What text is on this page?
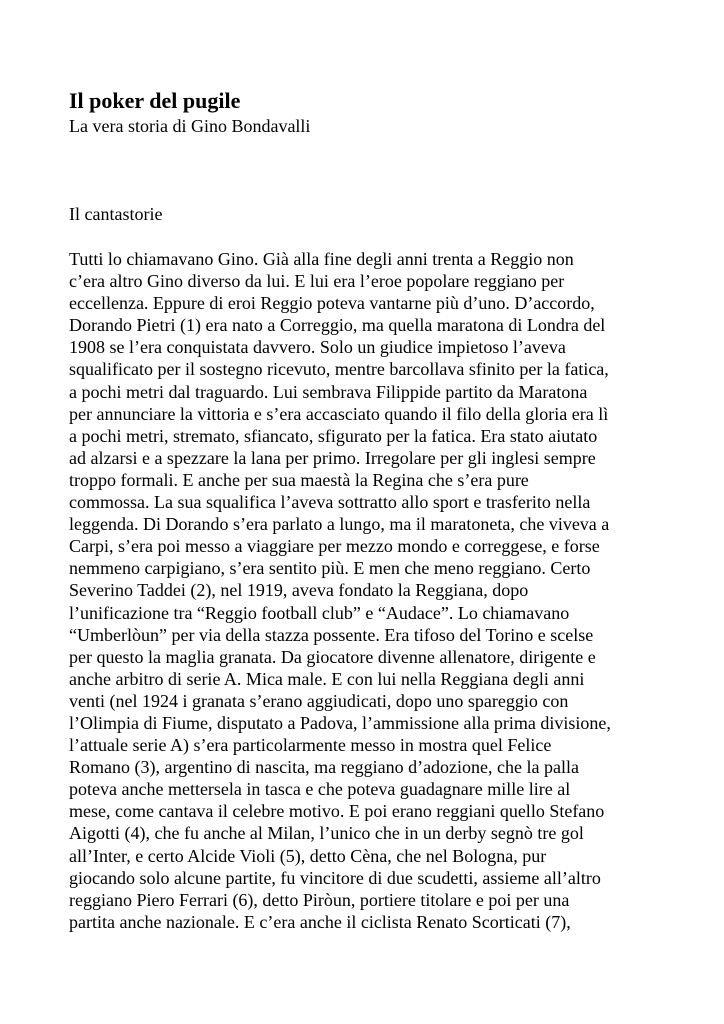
Il poker del pugile

La vera storia di Gino Bondavalli

Il cantastorie

Tutti lo chiamavano Gino. Già alla fine degli anni trenta a Reggio non
c’era altro Gino diverso da lui. E lui era l’eroe popolare reggiano per
eccellenza. Eppure di eroi Reggio poteva vantarne più d’uno. D’accordo,
Dorando Pietri (1) era nato a Correggio, ma quella maratona di Londra del
1908 se l’era conquistata davvero. Solo un giudice impietoso l’aveva
squalificato per il sostegno ricevuto, mentre barcollava sfinito per la fatica,
a pochi metri dal traguardo. Lui sembrava Filippide partito da Maratona
per annunciare la vittoria e s’era accasciato quando il filo della gloria era lì
a pochi metri, stremato, sfiancato, sfigurato per la fatica. Era stato aiutato
ad alzarsi e a spezzare la lana per primo. Irregolare per gli inglesi sempre
troppo formali. E anche per sua maestà la Regina che s’era pure
commossa. La sua squalifica l’aveva sottratto allo sport e trasferito nella
leggenda. Di Dorando s’era parlato a lungo, ma il maratoneta, che viveva a
Carpi, s’era poi messo a viaggiare per mezzo mondo e correggese, e forse
nemmeno carpigiano, s’era sentito più. E men che meno reggiano. Certo
Severino Taddei (2), nel 1919, aveva fondato la Reggiana, dopo
l’unificazione tra “Reggio football club” e “Audace”. Lo chiamavano
“Umberlòun” per via della stazza possente. Era tifoso del Torino e scelse
per questo la maglia granata. Da giocatore divenne allenatore, dirigente e
anche arbitro di serie A. Mica male. E con lui nella Reggiana degli anni
venti (nel 1924 i granata s’erano aggiudicati, dopo uno spareggio con
l’Olimpia di Fiume, disputato a Padova, l’ammissione alla prima divisione,
l’attuale serie A) s’era particolarmente messo in mostra quel Felice
Romano (3), argentino di nascita, ma reggiano d’adozione, che la palla
poteva anche mettersela in tasca e che poteva guadagnare mille lire al
mese, come cantava il celebre motivo. E poi erano reggiani quello Stefano
Aigotti (4), che fu anche al Milan, l’unico che in un derby segnò tre gol
all’Inter, e certo Alcide Violi (5), detto Cèna, che nel Bologna, pur
giocando solo alcune partite, fu vincitore di due scudetti, assieme all’altro
reggiano Piero Ferrari (6), detto Piròun, portiere titolare e poi per una
partita anche nazionale. E c’era anche il ciclista Renato Scorticati (7),
